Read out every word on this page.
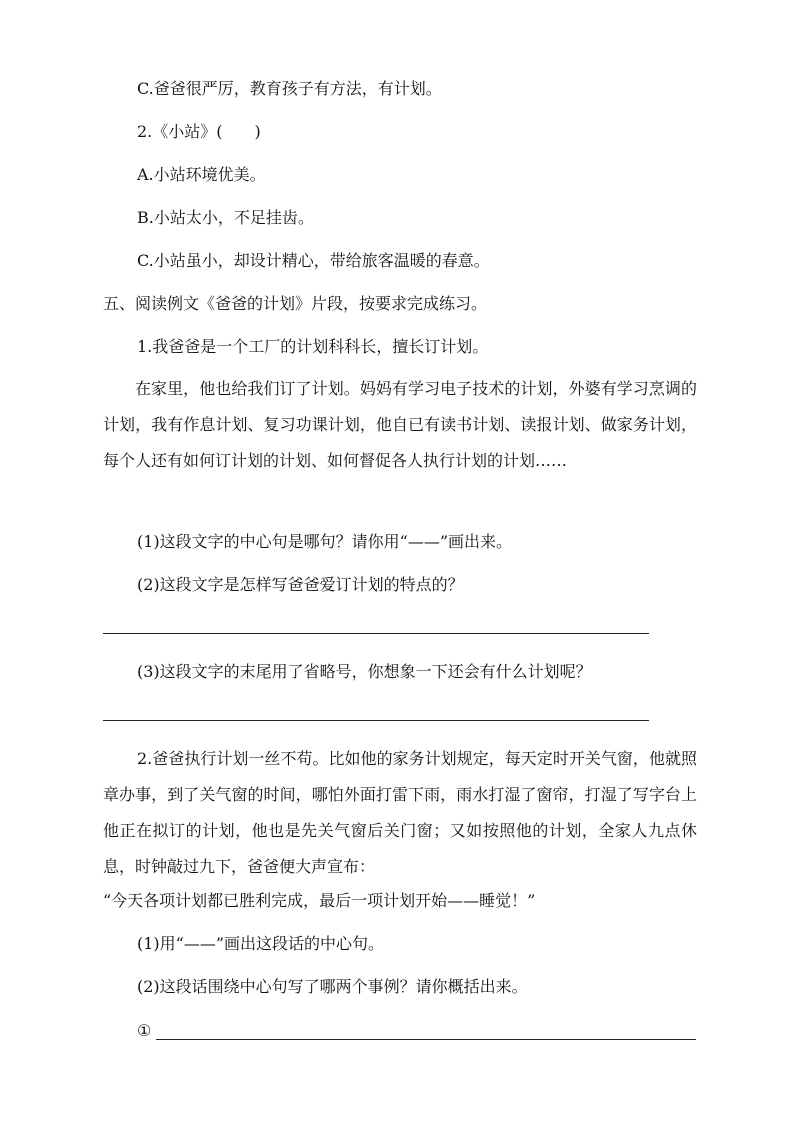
C.爸爸很严厉，教育孩子有方法，有计划。
2.《小站》(　　)
A.小站环境优美。
B.小站太小，不足挂齿。
C.小站虽小，却设计精心，带给旅客温暖的春意。
五、阅读例文《爸爸的计划》片段，按要求完成练习。
1.我爸爸是一个工厂的计划科科长，擅长订计划。
在家里，他也给我们订了计划。妈妈有学习电子技术的计划，外婆有学习烹调的计划，我有作息计划、复习功课计划，他自已有读书计划、读报计划、做家务计划，每个人还有如何订计划的计划、如何督促各人执行计划的计划……
(1)这段文字的中心句是哪句？请你用“——”画出来。
(2)这段文字是怎样写爸爸爱订计划的特点的？
(3)这段文字的末尾用了省略号，你想象一下还会有什么计划呢？
2.爸爸执行计划一丝不苟。比如他的家务计划规定，每天定时开关气窗，他就照章办事，到了关气窗的时间，哪怕外面打雷下雨，雨水打湿了窗帘，打湿了写字台上他正在拟订的计划，他也是先关气窗后关门窗；又如按照他的计划，全家人九点休息，时钟敲过九下，爸爸便大声宣布：
“今天各项计划都已胜利完成，最后一项计划开始——睡觉！”
(1)用“——”画出这段话的中心句。
(2)这段话围绕中心句写了哪两个事例？请你概括出来。
①
